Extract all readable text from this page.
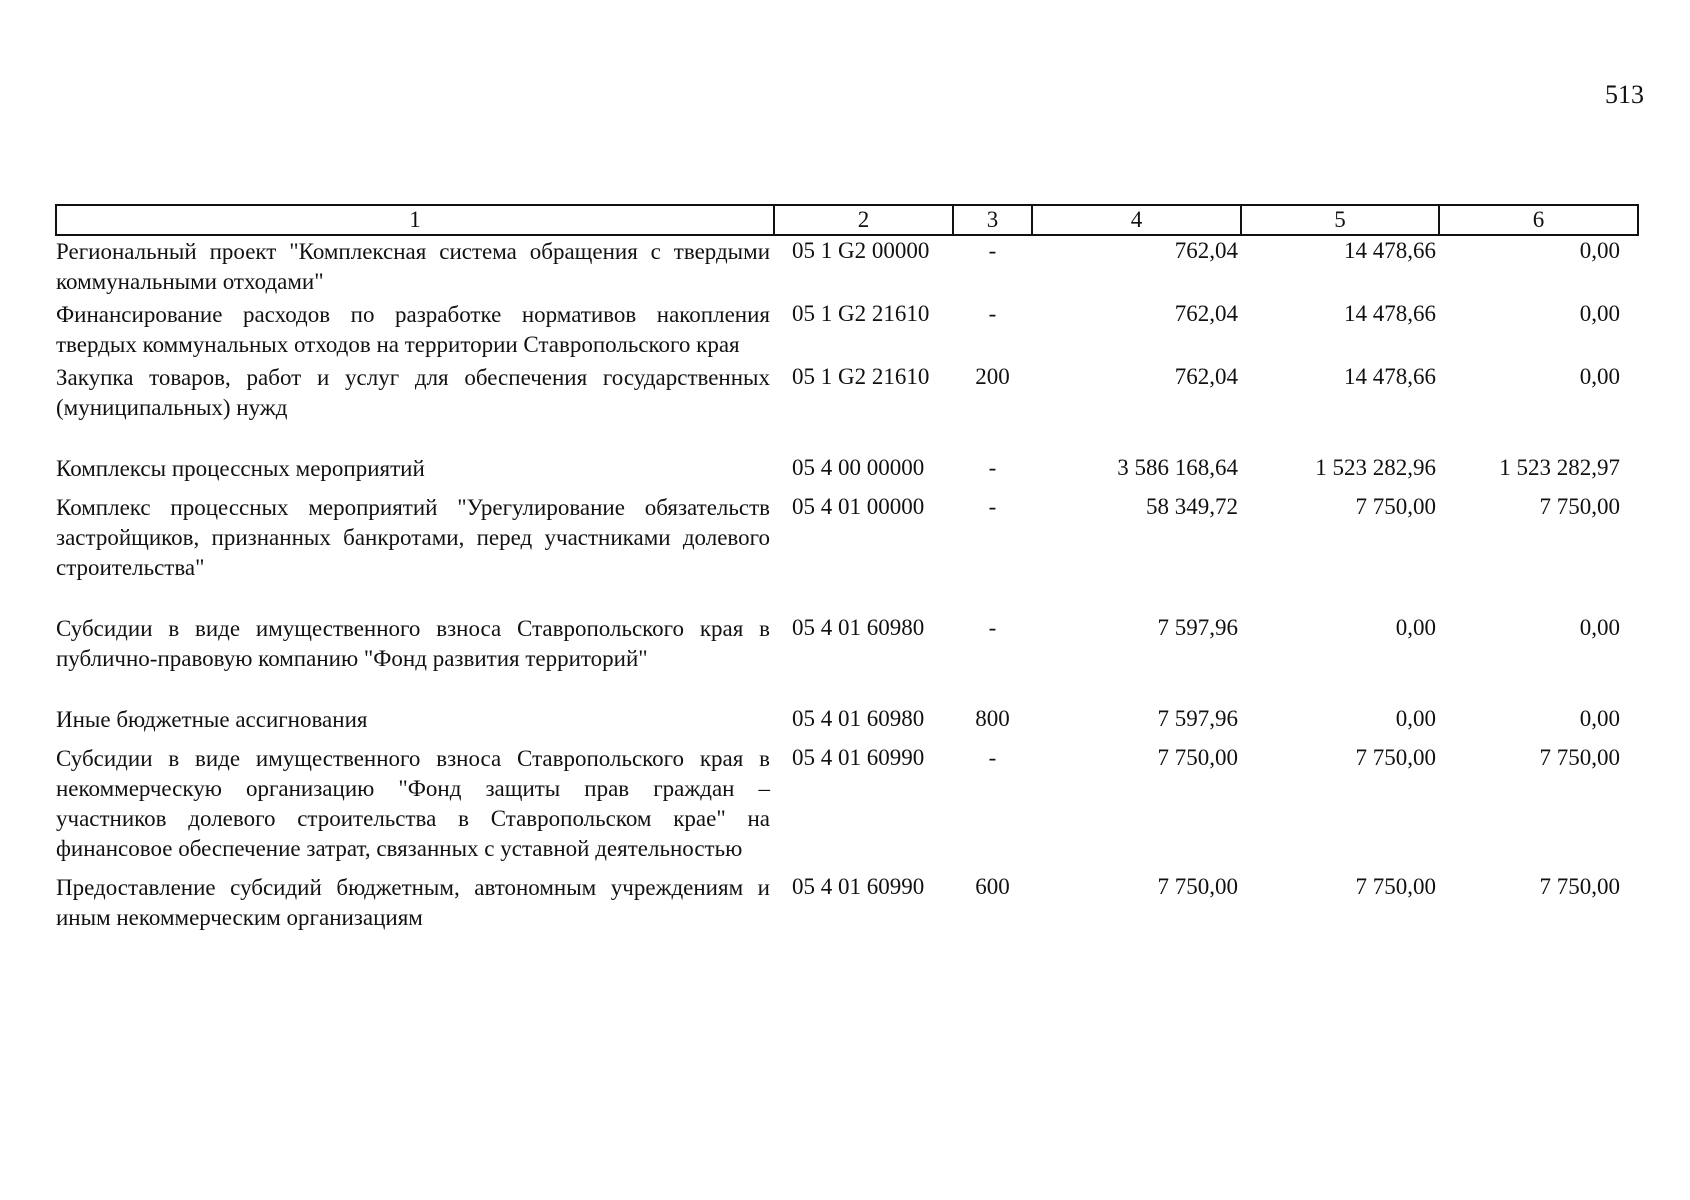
513
1	2	3	4	5	6
Региональный проект "Комплексная система обращения с твердыми коммунальными отходами"	05 1 G2 00000	-	762,04	14 478,66	0,00
Финансирование расходов по разработке нормативов накопления твердых коммунальных отходов на территории Ставропольского края	05 1 G2 21610	-	762,04	14 478,66	0,00
Закупка товаров, работ и услуг для обеспечения государственных (муниципальных) нужд	05 1 G2 21610	200	762,04	14 478,66	0,00
Комплексы процессных мероприятий	05 4 00 00000	-	3 586 168,64	1 523 282,96	1 523 282,97
Комплекс процессных мероприятий "Урегулирование обязательств застройщиков, признанных банкротами, перед участниками долевого строительства"	05 4 01 00000	-	58 349,72	7 750,00	7 750,00
Субсидии в виде имущественного взноса Ставропольского края в публично-правовую компанию "Фонд развития территорий"	05 4 01 60980	-	7 597,96	0,00	0,00
Иные бюджетные ассигнования	05 4 01 60980	800	7 597,96	0,00	0,00
Субсидии в виде имущественного взноса Ставропольского края в некоммерческую организацию "Фонд защиты прав граждан – участников долевого строительства в Ставропольском крае" на финансовое обеспечение затрат, связанных с уставной деятельностью	05 4 01 60990	-	7 750,00	7 750,00	7 750,00
Предоставление субсидий бюджетным, автономным учреждениям и иным некоммерческим организациям	05 4 01 60990	600	7 750,00	7 750,00	7 750,00
